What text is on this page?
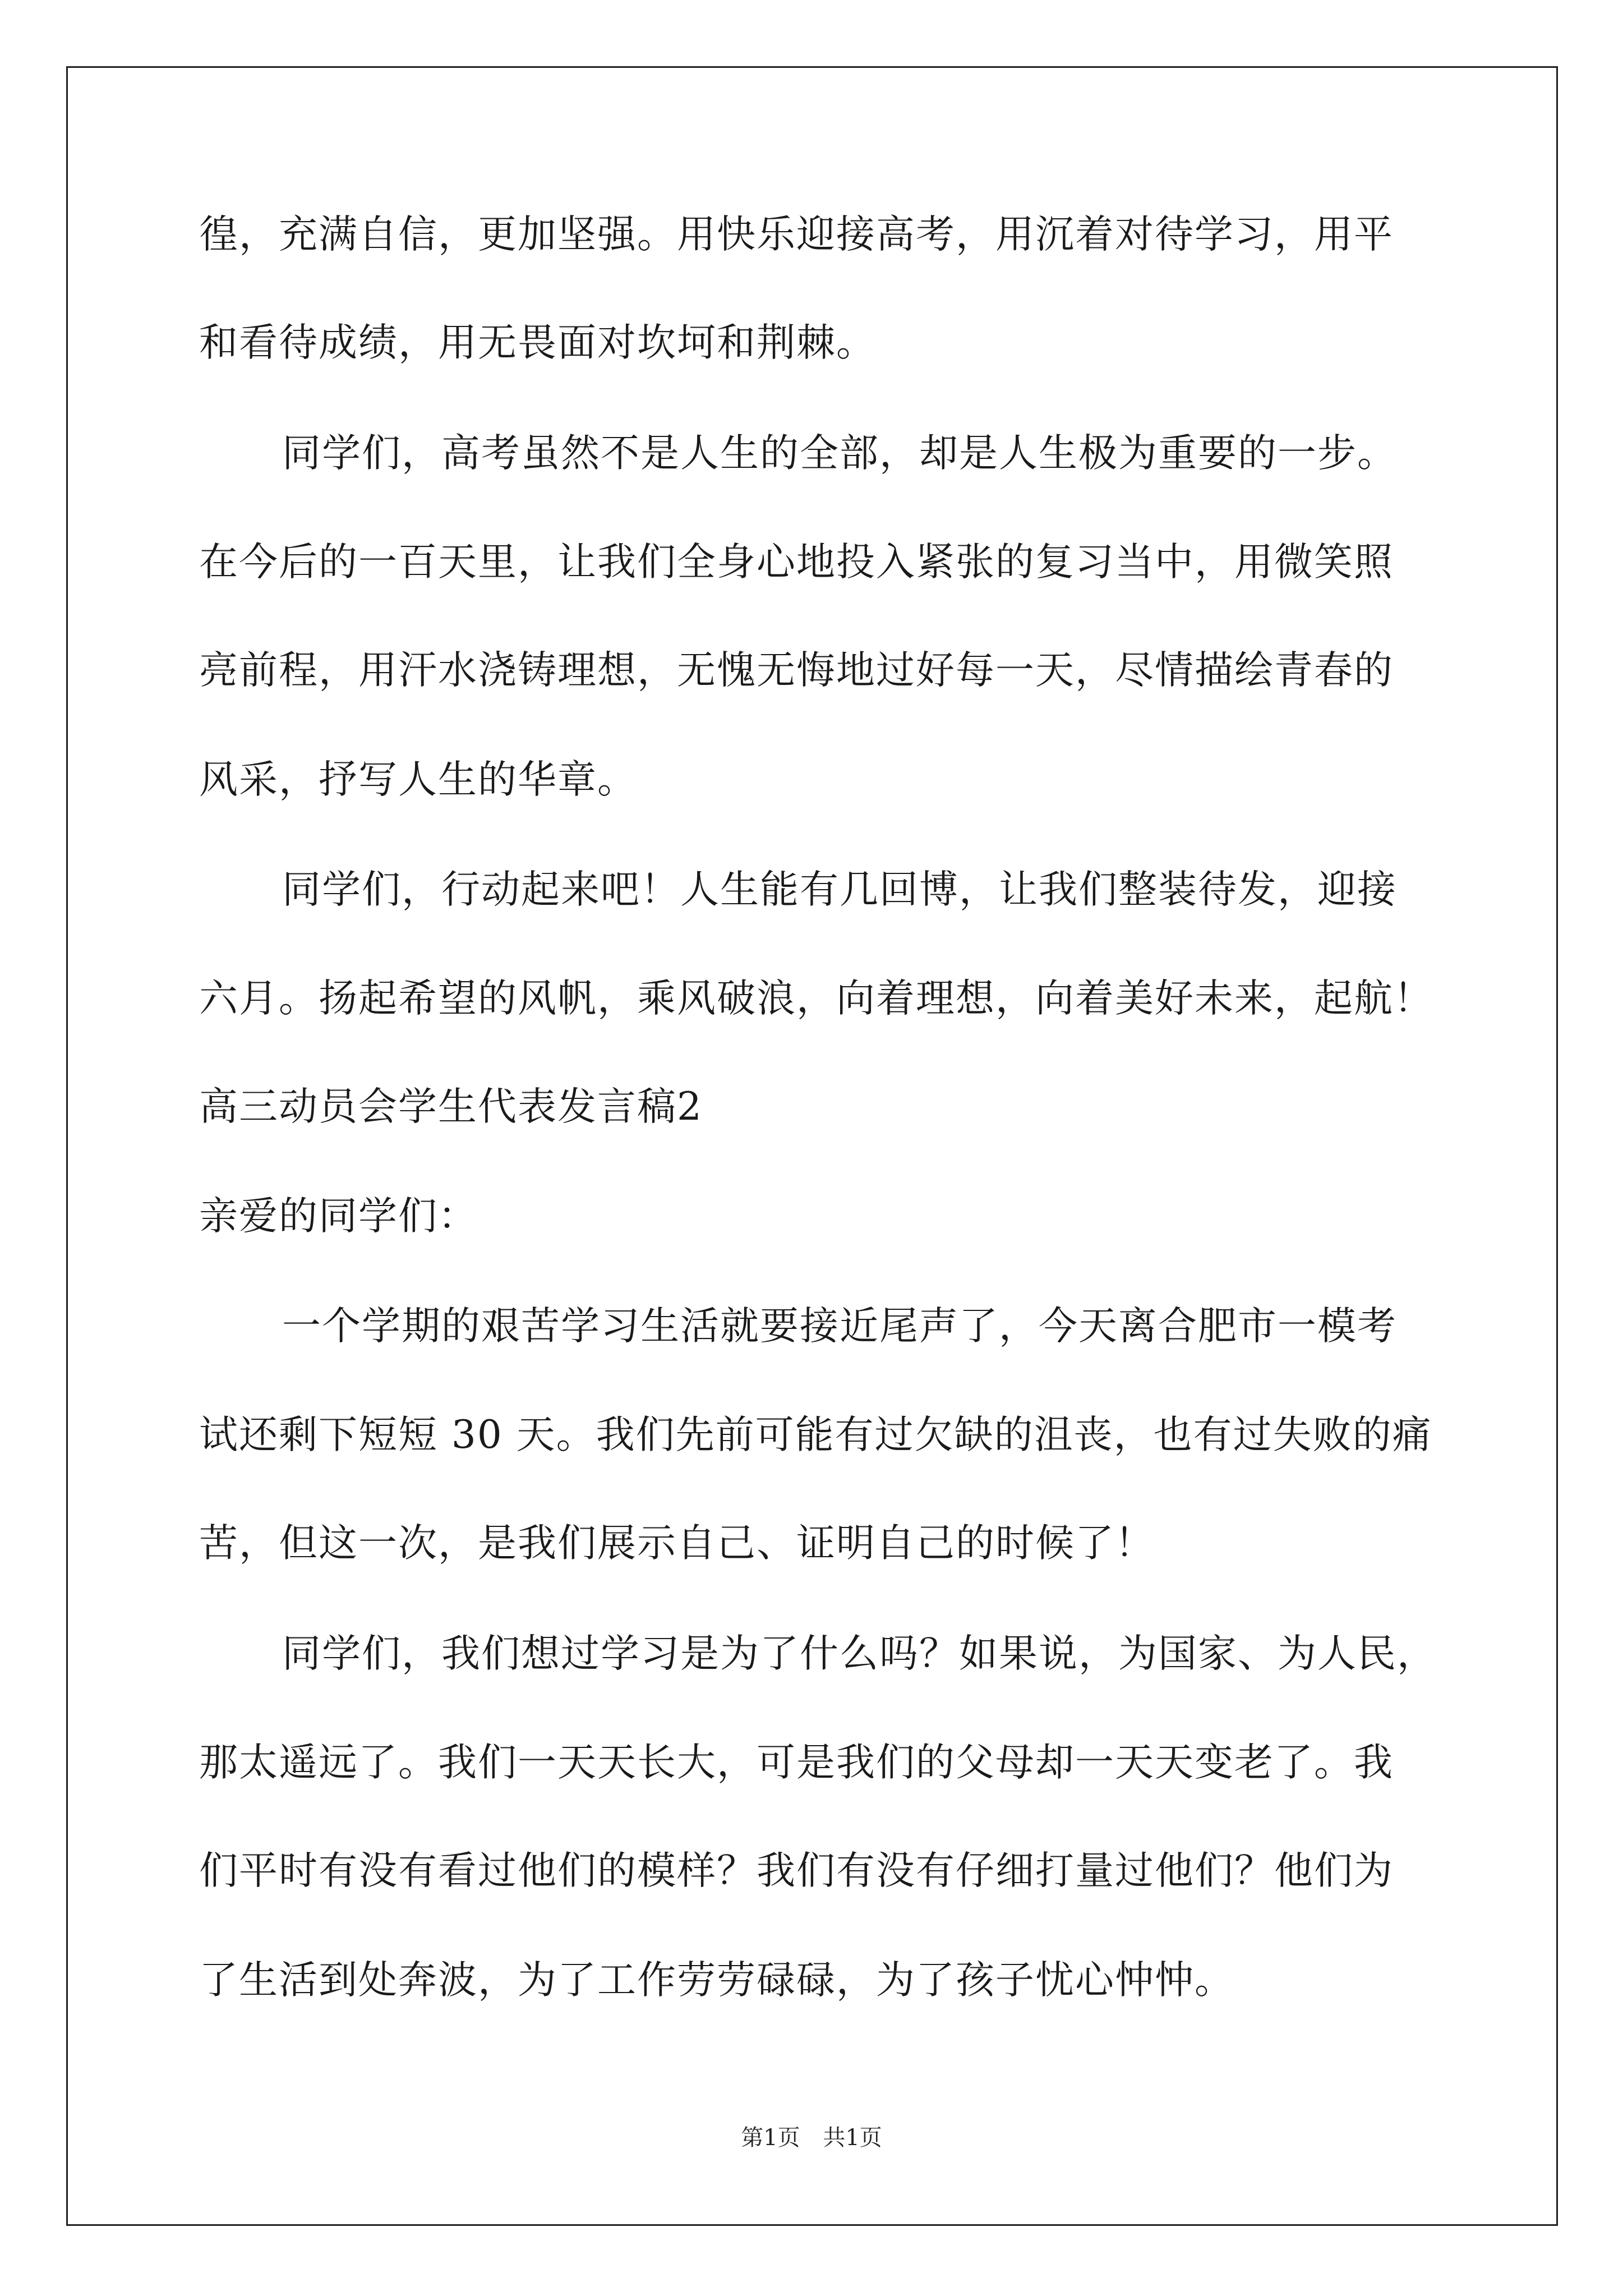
徨，充满自信，更加坚强。用快乐迎接高考，用沉着对待学习，用平
和看待成绩，用无畏面对坎坷和荆棘。
同学们，高考虽然不是人生的全部，却是人生极为重要的一步。
在今后的一百天里，让我们全身心地投入紧张的复习当中，用微笑照
亮前程，用汗水浇铸理想，无愧无悔地过好每一天，尽情描绘青春的
风采，抒写人生的华章。
同学们，行动起来吧！人生能有几回博，让我们整装待发，迎接
六月。扬起希望的风帆，乘风破浪，向着理想，向着美好未来，起航！
高三动员会学生代表发言稿2
亲爱的同学们：
一个学期的艰苦学习生活就要接近尾声了，今天离合肥市一模考
试还剩下短短 30 天。我们先前可能有过欠缺的沮丧，也有过失败的痛
苦，但这一次，是我们展示自己、证明自己的时候了！
同学们，我们想过学习是为了什么吗？如果说，为国家、为人民，
那太遥远了。我们一天天长大，可是我们的父母却一天天变老了。我
们平时有没有看过他们的模样？我们有没有仔细打量过他们？他们为
了生活到处奔波，为了工作劳劳碌碌，为了孩子忧心忡忡。
第1页 共1页
